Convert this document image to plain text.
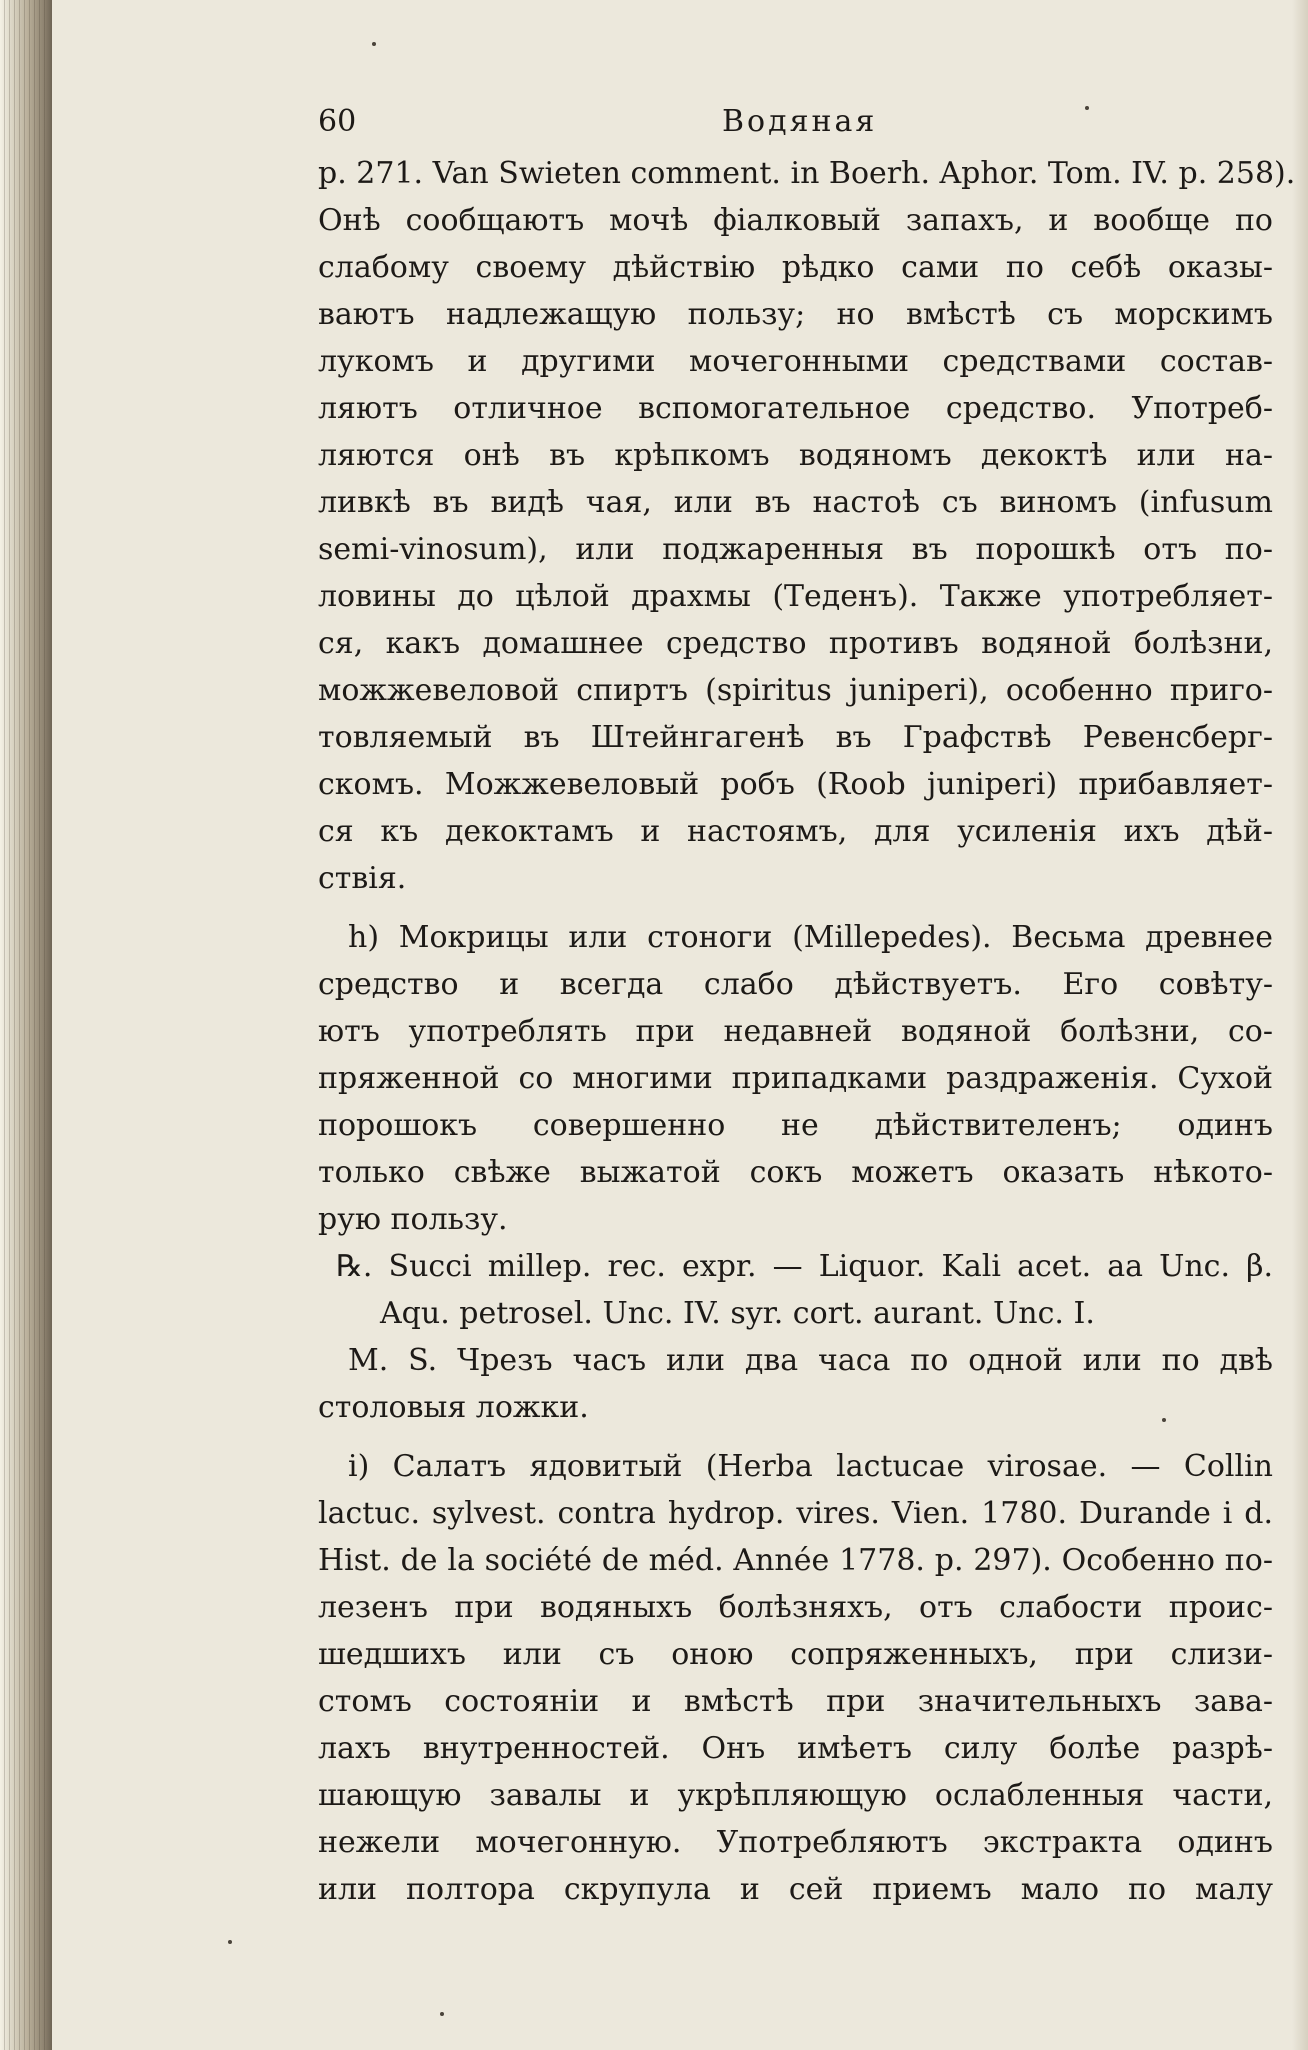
60	Водяная
p. 271. Van Swieten comment. in Boerh. Aphor. Tom. IV. p. 258).
Онѣ сообщаютъ мочѣ фіалковый запахъ, и вообще по
слабому своему дѣйствію рѣдко сами по себѣ оказы-
ваютъ надлежащую пользу; но вмѣстѣ съ морскимъ
лукомъ и другими мочегонными средствами состав-
ляютъ отличное вспомогательное средство. Употреб-
ляются онѣ въ крѣпкомъ водяномъ декоктѣ или на-
ливкѣ въ видѣ чая, или въ настоѣ съ виномъ (infusum
semi-vinosum), или поджаренныя въ порошкѣ отъ по-
ловины до цѣлой драхмы (Теденъ). Также употребляет-
ся, какъ домашнее средство противъ водяной болѣзни,
можжевеловой спиртъ (spiritus juniperi), особенно приго-
товляемый въ Штейнгагенѣ въ Графствѣ Ревенсберг-
скомъ. Можжевеловый робъ (Roob juniperi) прибавляет-
ся къ декоктамъ и настоямъ, для усиленія ихъ дѣй-
ствія.
h) Мокрицы или стоноги (Millepedes). Весьма древнее
средство и всегда слабо дѣйствуетъ. Его совѣту-
ютъ употреблять при недавней водяной болѣзни, со-
пряженной со многими припадками раздраженія. Сухой
порошокъ совершенно не дѣйствителенъ; одинъ
только свѣже выжатой сокъ можетъ оказать нѣкото-
рую пользу.
℞. Succi millep. rec. expr. — Liquor. Kali acet. aa Unc. β.
Aqu. petrosel. Unc. IV. syr. cort. aurant. Unc. I.
M. S. Чрезъ часъ или два часа по одной или по двѣ
столовыя ложки.
i) Салатъ ядовитый (Herba lactucae virosae. — Collin
lactuc. sylvest. contra hydrop. vires. Vien. 1780. Durande i d.
Hist. de la société de méd. Année 1778. p. 297). Особенно по-
лезенъ при водяныхъ болѣзняхъ, отъ слабости проис-
шедшихъ или съ оною сопряженныхъ, при слизи-
стомъ состояніи и вмѣстѣ при значительныхъ зава-
лахъ внутренностей. Онъ имѣетъ силу болѣе разрѣ-
шающую завалы и укрѣпляющую ослабленныя части,
нежели мочегонную. Употребляютъ экстракта одинъ
или полтора скрупула и сей приемъ мало по малу
